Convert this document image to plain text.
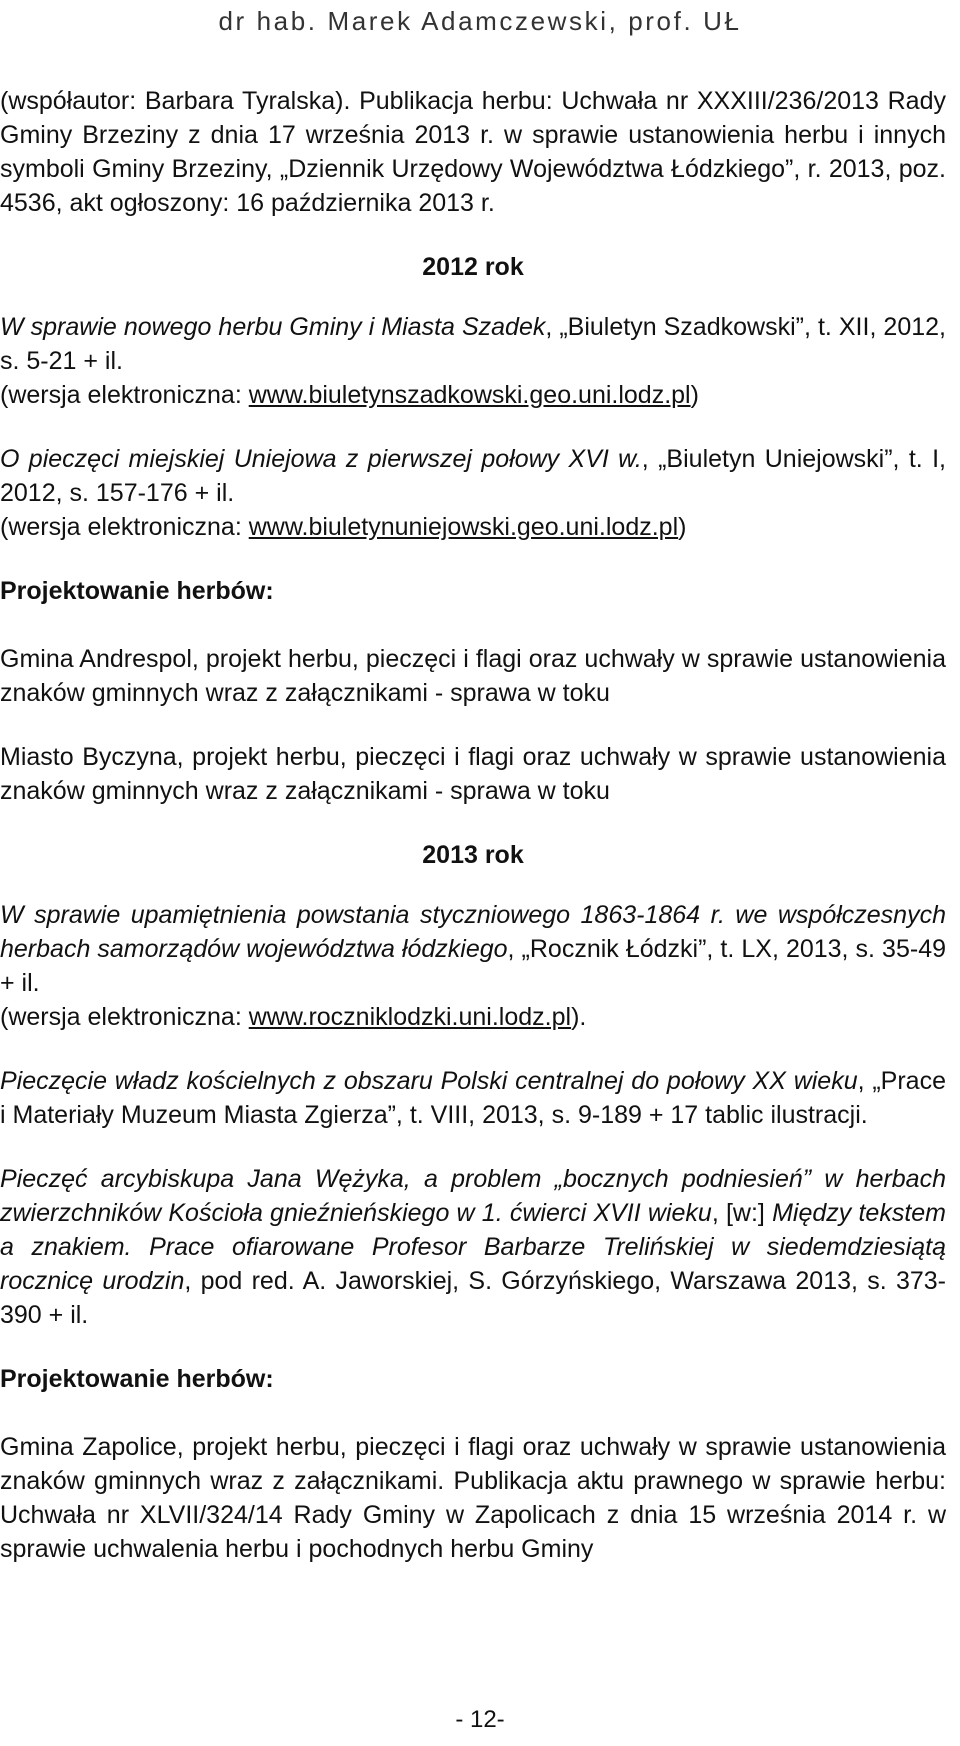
dr hab. Marek Adamczewski, prof. UŁ

(współautor: Barbara Tyralska). Publikacja herbu: Uchwała nr XXXIII/236/2013 Rady Gminy Brzeziny z dnia 17 września 2013 r. w sprawie ustanowienia herbu i innych symboli Gminy Brzeziny, „Dziennik Urzędowy Województwa Łódzkiego”, r. 2013, poz. 4536, akt ogłoszony: 16 października 2013 r.

2012 rok

W sprawie nowego herbu Gminy i Miasta Szadek, „Biuletyn Szadkowski”, t. XII, 2012, s. 5-21 + il.
(wersja elektroniczna: www.biuletynszadkowski.geo.uni.lodz.pl)

O pieczęci miejskiej Uniejowa z pierwszej połowy XVI w., „Biuletyn Uniejowski”, t. I, 2012, s. 157-176 + il.
(wersja elektroniczna: www.biuletynuniejowski.geo.uni.lodz.pl)

Projektowanie herbów:

Gmina Andrespol, projekt herbu, pieczęci i flagi oraz uchwały w sprawie ustanowienia znaków gminnych wraz z załącznikami - sprawa w toku

Miasto Byczyna, projekt herbu, pieczęci i flagi oraz uchwały w sprawie ustanowienia znaków gminnych wraz z załącznikami - sprawa w toku

2013 rok

W sprawie upamiętnienia powstania styczniowego 1863-1864 r. we współczesnych herbach samorządów województwa łódzkiego, „Rocznik Łódzki”, t. LX, 2013, s. 35-49 + il.
(wersja elektroniczna: www.roczniklodzki.uni.lodz.pl).

Pieczęcie władz kościelnych z obszaru Polski centralnej do połowy XX wieku, „Prace i Materiały Muzeum Miasta Zgierza”, t. VIII, 2013, s. 9-189 + 17 tablic ilustracji.

Pieczęć arcybiskupa Jana Wężyka, a problem „bocznych podniesień” w herbach zwierzchników Kościoła gnieźnieńskiego w 1. ćwierci XVII wieku, [w:] Między tekstem a znakiem. Prace ofiarowane Profesor Barbarze Trelińskiej w siedemdziesiątą rocznicę urodzin, pod red. A. Jaworskiej, S. Górzyńskiego, Warszawa 2013, s. 373-390 + il.

Projektowanie herbów:

Gmina Zapolice, projekt herbu, pieczęci i flagi oraz uchwały w sprawie ustanowienia znaków gminnych wraz z załącznikami. Publikacja aktu prawnego w sprawie herbu: Uchwała nr XLVII/324/14 Rady Gminy w Zapolicach z dnia 15 września 2014 r. w sprawie uchwalenia herbu i pochodnych herbu Gminy

- 12-
